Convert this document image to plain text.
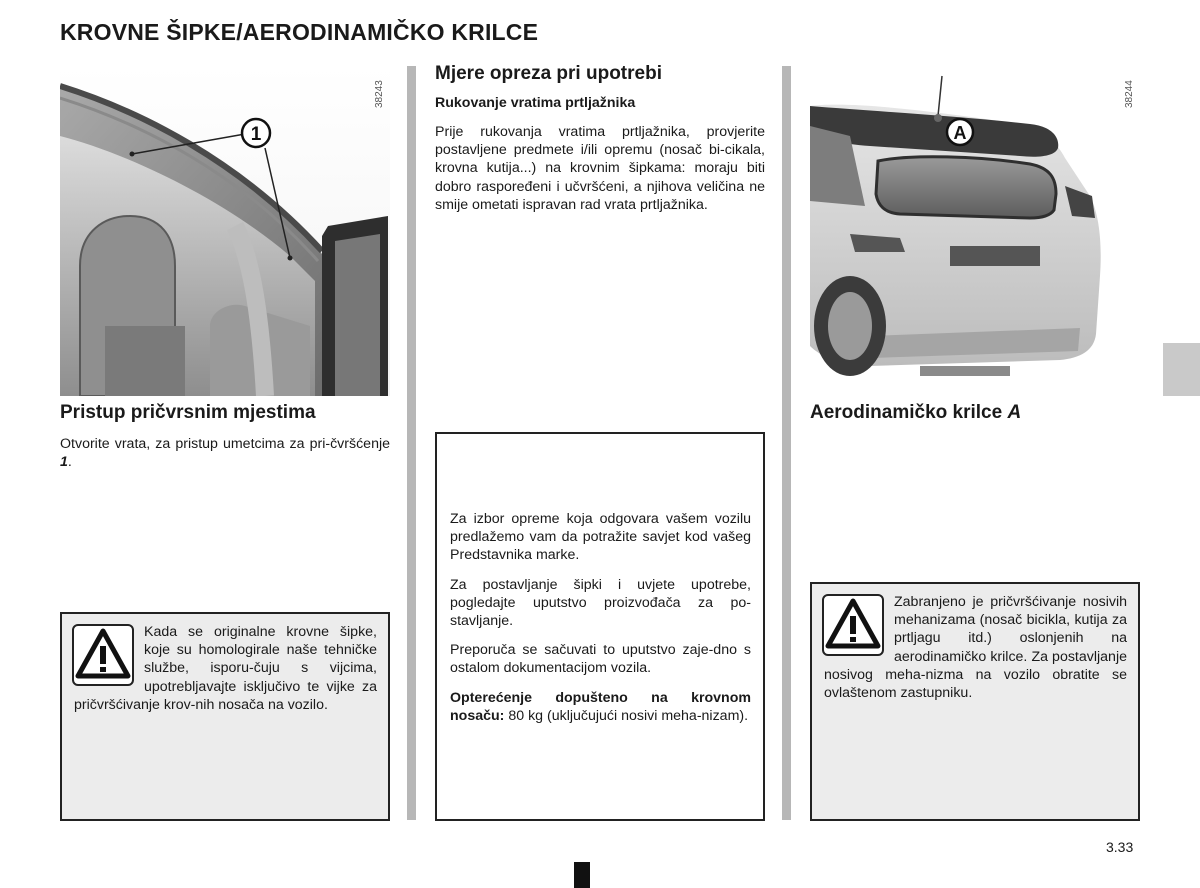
KROVNE ŠIPKE/AERODINAMIČKO KRILCE
1
38243
Pristup pričvrsnim mjestima
Otvorite vrata, za pristup umetcima za pri-čvršćenje 1.
Kada se originalne krovne šipke, koje su homologirale naše tehničke službe, isporu-čuju s vijcima, upotrebljavajte isključivo te vijke za pričvršćivanje krov-nih nosača na vozilo.
Mjere opreza pri upotrebi
Rukovanje vratima prtljažnika
Prije rukovanja vratima prtljažnika, provjerite postavljene predmete i/ili opremu (nosač bi-cikala, krovna kutija...) na krovnim šipkama: moraju biti dobro raspoređeni i učvršćeni, a njihova veličina ne smije ometati ispravan rad vrata prtljažnika.

Za izbor opreme koja odgovara vašem vozilu predlažemo vam da potražite savjet kod vašeg Predstavnika marke.

Za postavljanje šipki i uvjete upotrebe, pogledajte uputstvo proizvođača za po-stavljanje.

Preporuča se sačuvati to uputstvo zaje-dno s ostalom dokumentacijom vozila.

Opterećenje dopušteno na krovnom nosaču: 80 kg (uključujući nosivi meha-nizam).

A
38244
Aerodinamičko krilce A
Zabranjeno je pričvršćivanje nosivih mehanizama (nosač bicikla, kutija za prtljagu itd.) oslonjenih na aerodinamičko krilce. Za postavljanje nosivog meha-nizma na vozilo obratite se ovlaštenom zastupniku.
3.33
